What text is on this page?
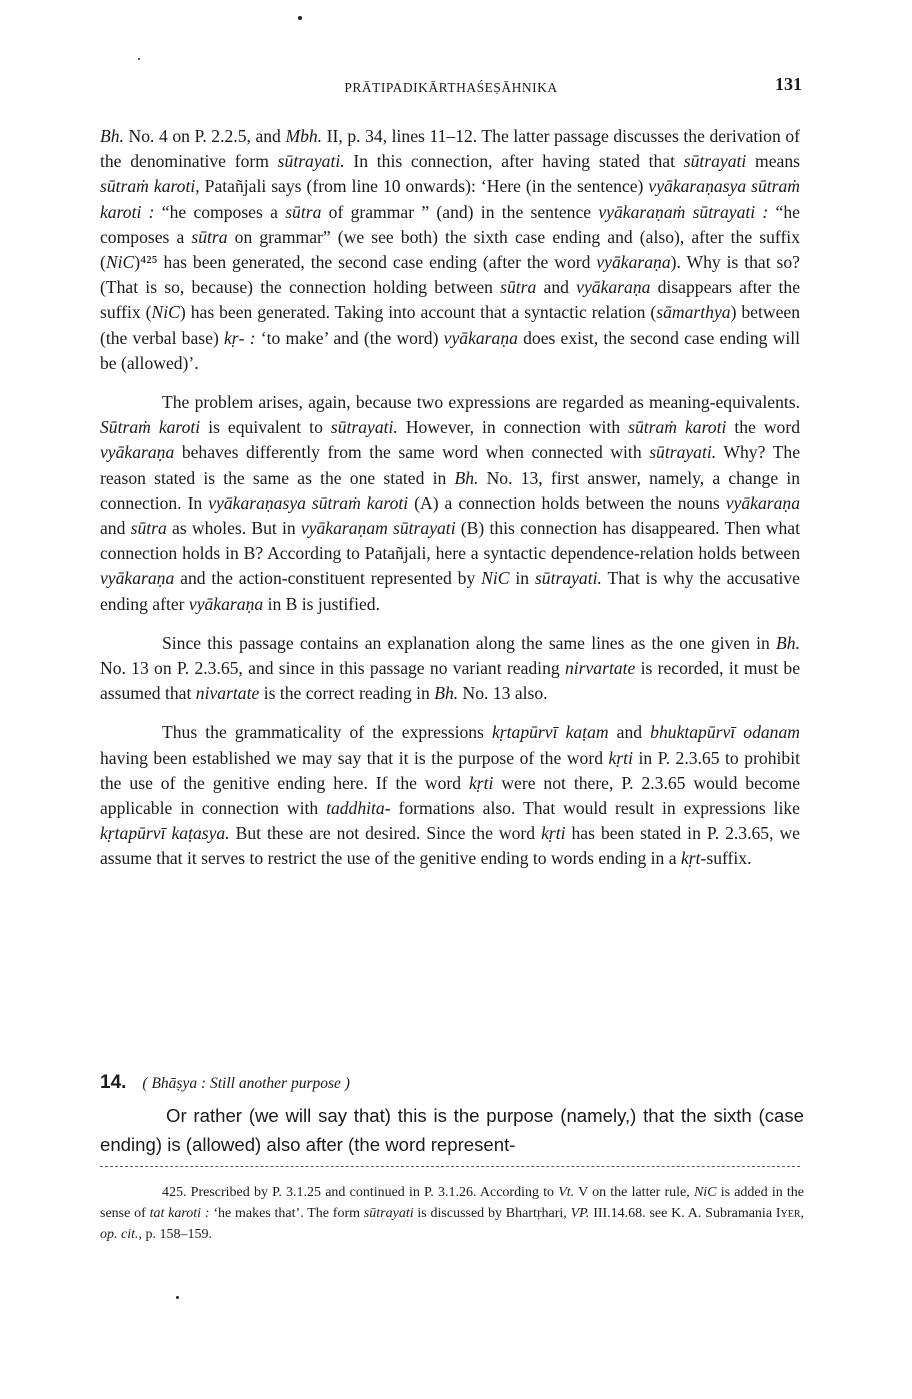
PRĀTIPADIKĀRTHAŚEṢĀHNIKA	131

Bh. No. 4 on P. 2.2.5, and Mbh. II, p. 34, lines 11–12. The latter passage discusses the derivation of the denominative form sūtrayati. In this connection, after having stated that sūtrayati means sūtraṁ karoti, Patañjali says (from line 10 onwards): ‘Here (in the sentence) vyākaraṇasya sūtraṁ karoti : “he composes a sūtra of grammar ” (and) in the sentence vyākaraṇaṁ sūtrayati : “he composes a sūtra on grammar” (we see both) the sixth case ending and (also), after the suffix (NiC)⁴²⁵ has been generated, the second case ending (after the word vyākaraṇa). Why is that so? (That is so, because) the connection holding between sūtra and vyākaraṇa disappears after the suffix (NiC) has been generated. Taking into account that a syntactic relation (sāmarthya) between (the verbal base) kṛ- : ‘to make’ and (the word) vyākaraṇa does exist, the second case ending will be (allowed)’.

The problem arises, again, because two expressions are regarded as meaning-equivalents. Sūtraṁ karoti is equivalent to sūtrayati. However, in connection with sūtraṁ karoti the word vyākaraṇa behaves differently from the same word when connected with sūtrayati. Why? The reason stated is the same as the one stated in Bh. No. 13, first answer, namely, a change in connection. In vyākaraṇasya sūtraṁ karoti (A) a connection holds between the nouns vyākaraṇa and sūtra as wholes. But in vyākaraṇam sūtrayati (B) this connection has disappeared. Then what connection holds in B? According to Patañjali, here a syntactic dependence-relation holds between vyākaraṇa and the action-constituent represented by NiC in sūtrayati. That is why the accusative ending after vyākaraṇa in B is justified.

Since this passage contains an explanation along the same lines as the one given in Bh. No. 13 on P. 2.3.65, and since in this passage no variant reading nirvartate is recorded, it must be assumed that nivartate is the correct reading in Bh. No. 13 also.

Thus the grammaticality of the expressions kṛtapūrvī kaṭam and bhuktapūrvī odanam having been established we may say that it is the purpose of the word kṛti in P. 2.3.65 to prohibit the use of the genitive ending here. If the word kṛti were not there, P. 2.3.65 would become applicable in connection with taddhita- formations also. That would result in expressions like kṛtapūrvī kaṭasya. But these are not desired. Since the word kṛti has been stated in P. 2.3.65, we assume that it serves to restrict the use of the genitive ending to words ending in a kṛt-suffix.

14. ( Bhāṣya : Still another purpose )

Or rather (we will say that) this is the purpose (namely,) that the sixth (case ending) is (allowed) also after (the word represent-

425. Prescribed by P. 3.1.25 and continued in P. 3.1.26. According to Vt. V on the latter rule, NiC is added in the sense of tat karoti : ‘he makes that’. The form sūtrayati is discussed by Bhartṛhari, VP. III.14.68. see K. A. Subramania Iyer, op. cit., p. 158–159.
